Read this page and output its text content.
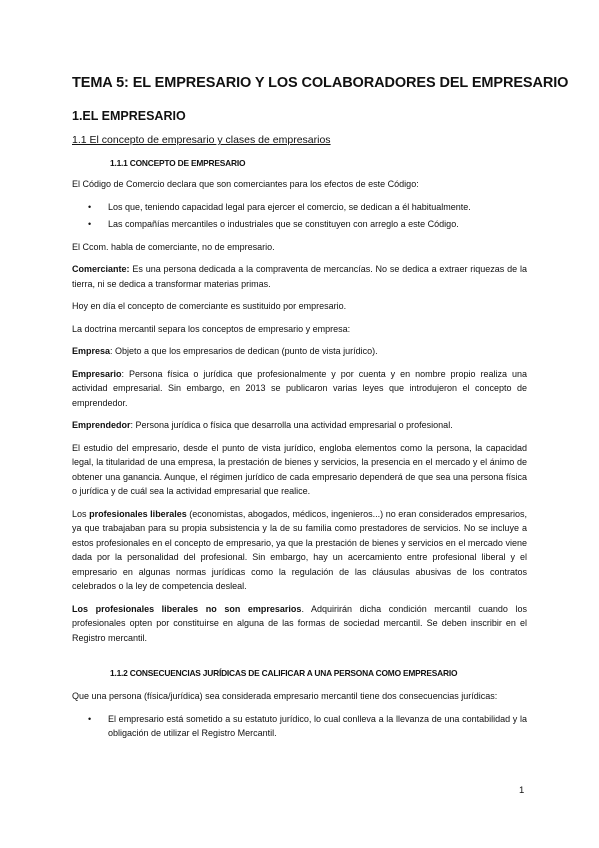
TEMA 5: EL EMPRESARIO Y LOS COLABORADORES DEL EMPRESARIO
1.EL EMPRESARIO
1.1 El concepto de empresario y clases de empresarios
1.1.1 CONCEPTO DE EMPRESARIO

El Código de Comercio declara que son comerciantes para los efectos de este Código:

• Los que, teniendo capacidad legal para ejercer el comercio, se dedican a él habitualmente.
• Las compañías mercantiles o industriales que se constituyen con arreglo a este Código.

El Ccom. habla de comerciante, no de empresario.

Comerciante: Es una persona dedicada a la compraventa de mercancías. No se dedica a extraer riquezas de la tierra, ni se dedica a transformar materias primas.

Hoy en día el concepto de comerciante es sustituido por empresario.

La doctrina mercantil separa los conceptos de empresario y empresa:

Empresa: Objeto a que los empresarios de dedican (punto de vista jurídico).

Empresario: Persona física o jurídica que profesionalmente y por cuenta y en nombre propio realiza una actividad empresarial. Sin embargo, en 2013 se publicaron varias leyes que introdujeron el concepto de emprendedor.

Emprendedor: Persona jurídica o física que desarrolla una actividad empresarial o profesional.

El estudio del empresario, desde el punto de vista jurídico, engloba elementos como la persona, la capacidad legal, la titularidad de una empresa, la prestación de bienes y servicios, la presencia en el mercado y el ánimo de obtener una ganancia. Aunque, el régimen jurídico de cada empresario dependerá de que sea una persona física o jurídica y de cuál sea la actividad empresarial que realice.

Los profesionales liberales (economistas, abogados, médicos, ingenieros...) no eran considerados empresarios, ya que trabajaban para su propia subsistencia y la de su familia como prestadores de servicios. No se incluye a estos profesionales en el concepto de empresario, ya que la prestación de bienes y servicios en el mercado viene dada por la personalidad del profesional. Sin embargo, hay un acercamiento entre profesional liberal y el empresario en algunas normas jurídicas como la regulación de las cláusulas abusivas de los contratos celebrados o la ley de competencia desleal.

Los profesionales liberales no son empresarios. Adquirirán dicha condición mercantil cuando los profesionales opten por constituirse en alguna de las formas de sociedad mercantil. Se deben inscribir en el Registro mercantil.

1.1.2 CONSECUENCIAS JURÍDICAS DE CALIFICAR A UNA PERSONA COMO EMPRESARIO

Que una persona (física/jurídica) sea considerada empresario mercantil tiene dos consecuencias jurídicas:

• El empresario está sometido a su estatuto jurídico, lo cual conlleva a la llevanza de una contabilidad y la obligación de utilizar el Registro Mercantil.
1
